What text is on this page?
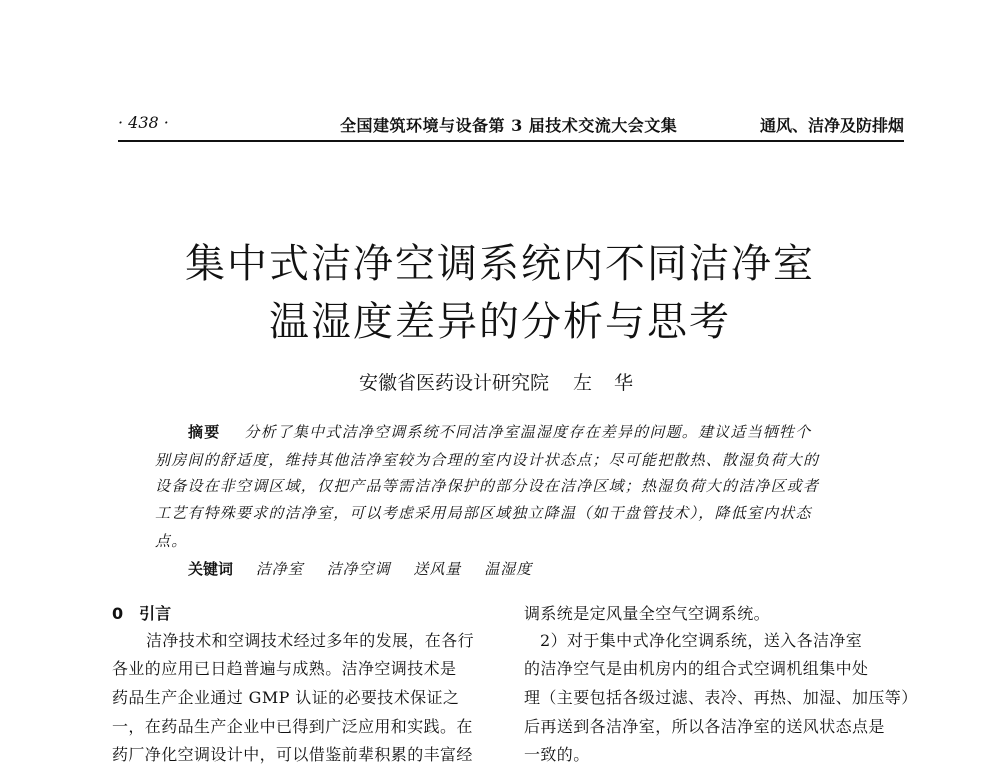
· 438 ·	全国建筑环境与设备第 3 届技术交流大会文集	通风、洁净及防排烟
集中式洁净空调系统内不同洁净室
温湿度差异的分析与思考
安徽省医药设计研究院 左 华
摘要 分析了集中式洁净空调系统不同洁净室温湿度存在差异的问题。建议适当牺牲个
别房间的舒适度，维持其他洁净室较为合理的室内设计状态点；尽可能把散热、散湿负荷大的
设备设在非空调区域，仅把产品等需洁净保护的部分设在洁净区域；热湿负荷大的洁净区或者
工艺有特殊要求的洁净室，可以考虑采用局部区域独立降温（如干盘管技术），降低室内状态
点。
关键词 洁净室 洁净空调 送风量 温湿度
0　引言
洁净技术和空调技术经过多年的发展，在各行
各业的应用已日趋普遍与成熟。洁净空调技术是
药品生产企业通过 GMP 认证的必要技术保证之
一，在药品生产企业中已得到广泛应用和实践。在
药厂净化空调设计中，可以借鉴前辈积累的丰富经
调系统是定风量全空气空调系统。
2）对于集中式净化空调系统，送入各洁净室
的洁净空气是由机房内的组合式空调机组集中处
理（主要包括各级过滤、表冷、再热、加湿、加压等）
后再送到各洁净室，所以各洁净室的送风状态点是
一致的。
